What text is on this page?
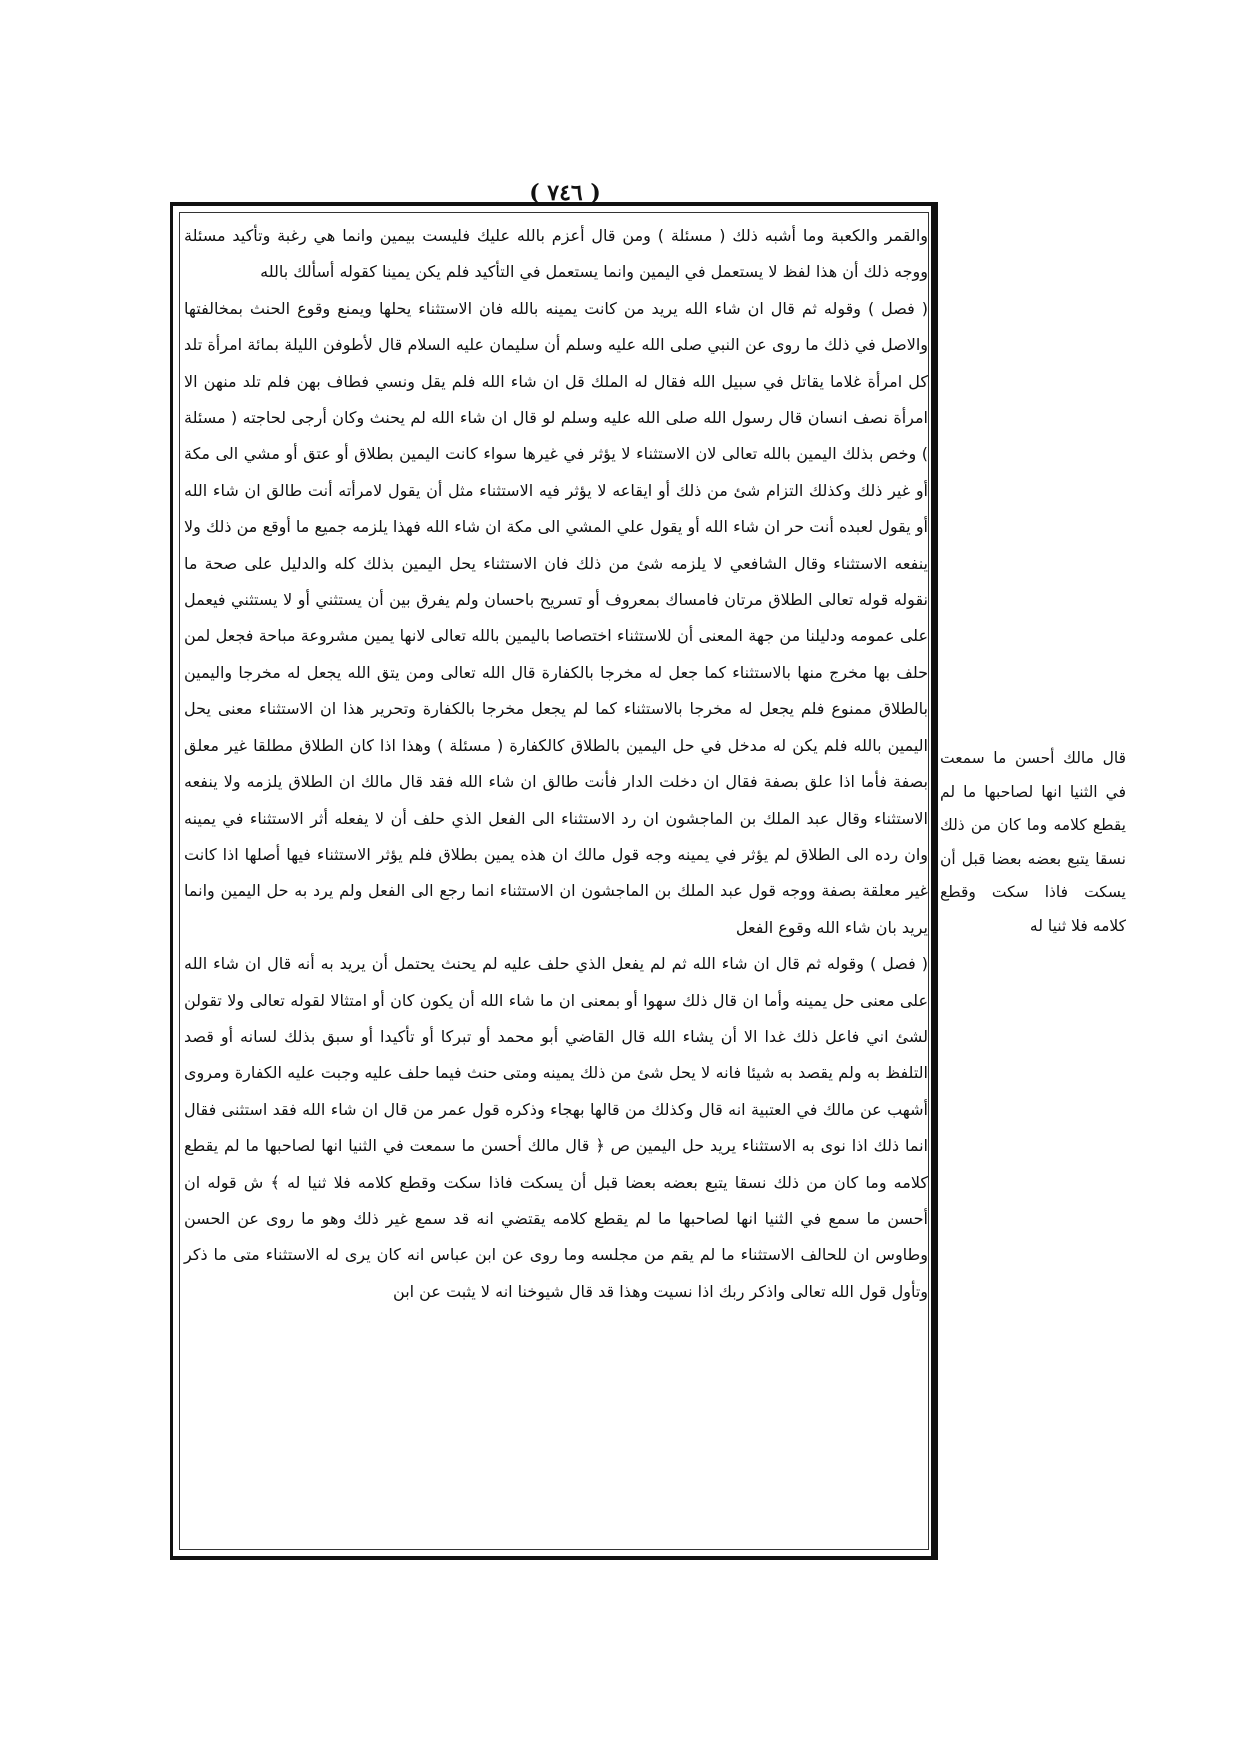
( ٧٤٦ )

والقمر والكعبة وما أشبه ذلك ( مسئلة ) ومن قال أعزم بالله عليك فليست بيمين وانما هي رغبة وتأكيد مسئلة ووجه ذلك أن هذا لفظ لا يستعمل في اليمين وانما يستعمل في التأكيد فلم يكن يمينا كقوله أسألك بالله

( فصل ) وقوله ثم قال ان شاء الله يريد من كانت يمينه بالله فان الاستثناء يحلها ويمنع وقوع الحنث بمخالفتها والاصل في ذلك ما روى عن النبي صلى الله عليه وسلم أن سليمان عليه السلام قال لأطوفن الليلة بمائة امرأة تلد كل امرأة غلاما يقاتل في سبيل الله فقال له الملك قل ان شاء الله فلم يقل ونسي فطاف بهن فلم تلد منهن الا امرأة نصف انسان قال رسول الله صلى الله عليه وسلم لو قال ان شاء الله لم يحنث وكان أرجى لحاجته ( مسئلة ) وخص بذلك اليمين بالله تعالى لان الاستثناء لا يؤثر في غيرها سواء كانت اليمين بطلاق أو عتق أو مشي الى مكة أو غير ذلك وكذلك التزام شئ من ذلك أو ايقاعه لا يؤثر فيه الاستثناء مثل أن يقول لامرأته أنت طالق ان شاء الله أو يقول لعبده أنت حر ان شاء الله أو يقول علي المشي الى مكة ان شاء الله فهذا يلزمه جميع ما أوقع من ذلك ولا ينفعه الاستثناء وقال الشافعي لا يلزمه شئ من ذلك فان الاستثناء يحل اليمين بذلك كله والدليل على صحة ما نقوله قوله تعالى الطلاق مرتان فامساك بمعروف أو تسريح باحسان ولم يفرق بين أن يستثني أو لا يستثني فيعمل على عمومه ودليلنا من جهة المعنى أن للاستثناء اختصاصا باليمين بالله تعالى لانها يمين مشروعة مباحة فجعل لمن حلف بها مخرج منها بالاستثناء كما جعل له مخرجا بالكفارة قال الله تعالى ومن يتق الله يجعل له مخرجا واليمين بالطلاق ممنوع فلم يجعل له مخرجا بالاستثناء كما لم يجعل مخرجا بالكفارة وتحرير هذا ان الاستثناء معنى يحل اليمين بالله فلم يكن له مدخل في حل اليمين بالطلاق كالكفارة ( مسئلة ) وهذا اذا كان الطلاق مطلقا غير معلق بصفة فأما اذا علق بصفة فقال ان دخلت الدار فأنت طالق ان شاء الله فقد قال مالك ان الطلاق يلزمه ولا ينفعه الاستثناء وقال عبد الملك بن الماجشون ان رد الاستثناء الى الفعل الذي حلف أن لا يفعله أثر الاستثناء في يمينه وان رده الى الطلاق لم يؤثر في يمينه وجه قول مالك ان هذه يمين بطلاق فلم يؤثر الاستثناء فيها أصلها اذا كانت غير معلقة بصفة ووجه قول عبد الملك بن الماجشون ان الاستثناء انما رجع الى الفعل ولم يرد به حل اليمين وانما يريد بان شاء الله وقوع الفعل

( فصل ) وقوله ثم قال ان شاء الله ثم لم يفعل الذي حلف عليه لم يحنث يحتمل أن يريد به أنه قال ان شاء الله على معنى حل يمينه وأما ان قال ذلك سهوا أو بمعنى ان ما شاء الله أن يكون كان أو امتثالا لقوله تعالى ولا تقولن لشئ اني فاعل ذلك غدا الا أن يشاء الله قال القاضي أبو محمد أو تبركا أو تأكيدا أو سبق بذلك لسانه أو قصد التلفظ به ولم يقصد به شيئا فانه لا يحل شئ من ذلك يمينه ومتى حنث فيما حلف عليه وجبت عليه الكفارة ومروى أشهب عن مالك في العتبية انه قال وكذلك من قالها بهجاء وذكره قول عمر من قال ان شاء الله فقد استثنى فقال انما ذلك اذا نوى به الاستثناء يريد حل اليمين ص ﴿ قال مالك أحسن ما سمعت في الثنيا انها لصاحبها ما لم يقطع كلامه وما كان من ذلك نسقا يتبع بعضه بعضا قبل أن يسكت فاذا سكت وقطع كلامه فلا ثنيا له ﴾ ش قوله ان أحسن ما سمع في الثنيا انها لصاحبها ما لم يقطع كلامه يقتضي انه قد سمع غير ذلك وهو ما روى عن الحسن وطاوس ان للحالف الاستثناء ما لم يقم من مجلسه وما روى عن ابن عباس انه كان يرى له الاستثناء متى ما ذكر وتأول قول الله تعالى واذكر ربك اذا نسيت وهذا قد قال شيوخنا انه لا يثبت عن ابن

قال مالك أحسن ما سمعت في الثنيا انها لصاحبها ما لم يقطع كلامه وما كان من ذلك نسقا يتبع بعضه بعضا قبل أن يسكت فاذا سكت وقطع كلامه فلا ثنيا له
